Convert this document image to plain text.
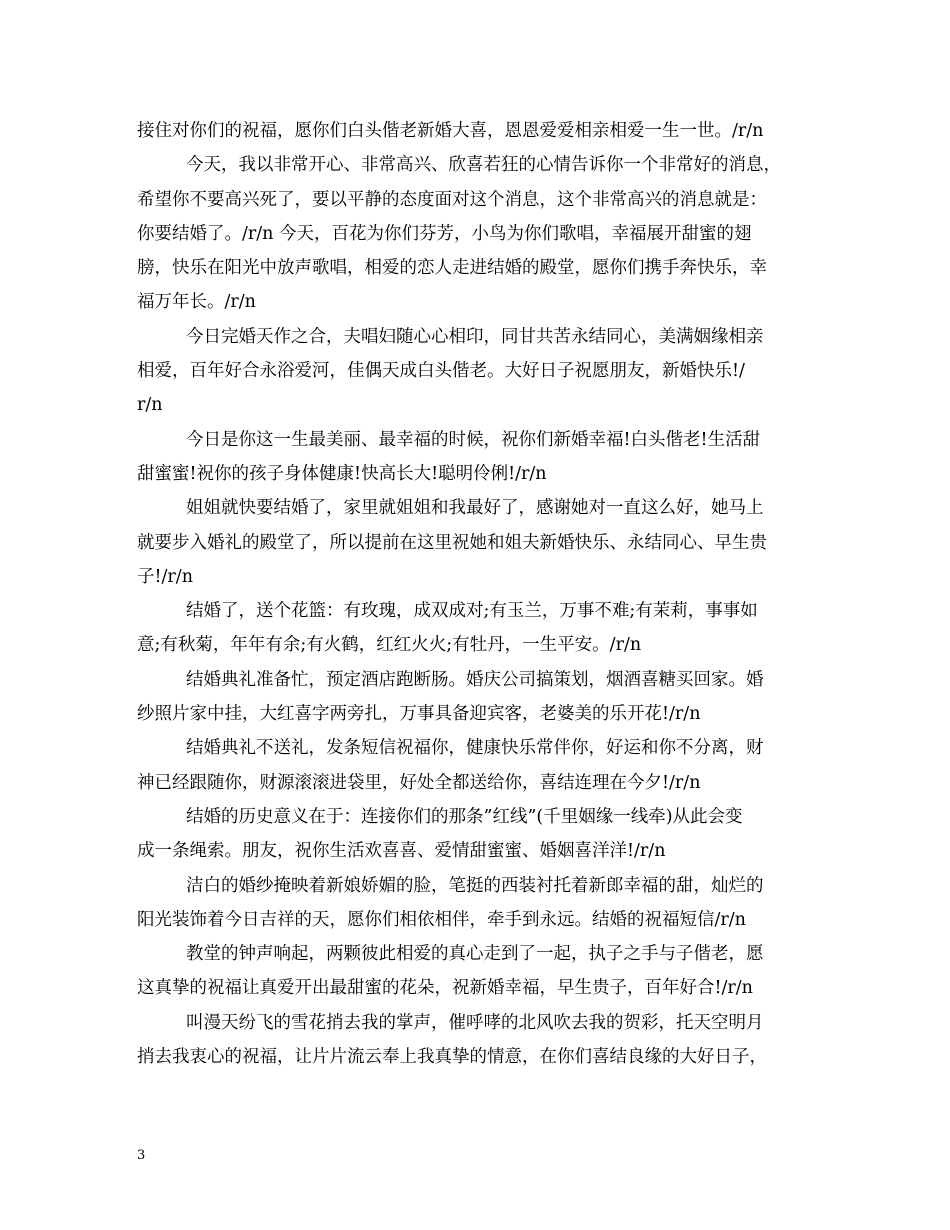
接住对你们的祝福，愿你们白头偕老新婚大喜，恩恩爱爱相亲相爱一生一世。/r/n
今天，我以非常开心、非常高兴、欣喜若狂的心情告诉你一个非常好的消息，
希望你不要高兴死了，要以平静的态度面对这个消息，这个非常高兴的消息就是：
你要结婚了。/r/n 今天，百花为你们芬芳，小鸟为你们歌唱，幸福展开甜蜜的翅
膀，快乐在阳光中放声歌唱，相爱的恋人走进结婚的殿堂，愿你们携手奔快乐，幸
福万年长。/r/n
今日完婚天作之合，夫唱妇随心心相印，同甘共苦永结同心，美满姻缘相亲
相爱，百年好合永浴爱河，佳偶天成白头偕老。大好日子祝愿朋友，新婚快乐!/
r/n
今日是你这一生最美丽、最幸福的时候，祝你们新婚幸福!白头偕老!生活甜
甜蜜蜜!祝你的孩子身体健康!快高长大!聪明伶俐!/r/n
姐姐就快要结婚了，家里就姐姐和我最好了，感谢她对一直这么好，她马上
就要步入婚礼的殿堂了，所以提前在这里祝她和姐夫新婚快乐、永结同心、早生贵
子!/r/n
结婚了，送个花篮：有玫瑰，成双成对;有玉兰，万事不难;有茉莉，事事如
意;有秋菊，年年有余;有火鹤，红红火火;有牡丹，一生平安。/r/n
结婚典礼准备忙，预定酒店跑断肠。婚庆公司搞策划，烟酒喜糖买回家。婚
纱照片家中挂，大红喜字两旁扎，万事具备迎宾客，老婆美的乐开花!/r/n
结婚典礼不送礼，发条短信祝福你，健康快乐常伴你，好运和你不分离，财
神已经跟随你，财源滚滚进袋里，好处全都送给你，喜结连理在今夕!/r/n
结婚的历史意义在于：连接你们的那条”红线”(千里姻缘一线牵)从此会变
成一条绳索。朋友，祝你生活欢喜喜、爱情甜蜜蜜、婚姻喜洋洋!/r/n
洁白的婚纱掩映着新娘娇媚的脸，笔挺的西装衬托着新郎幸福的甜，灿烂的
阳光装饰着今日吉祥的天，愿你们相依相伴，牵手到永远。结婚的祝福短信/r/n
教堂的钟声响起，两颗彼此相爱的真心走到了一起，执子之手与子偕老，愿
这真挚的祝福让真爱开出最甜蜜的花朵，祝新婚幸福，早生贵子，百年好合!/r/n
叫漫天纷飞的雪花捎去我的掌声，催呼哮的北风吹去我的贺彩，托天空明月
捎去我衷心的祝福，让片片流云奉上我真挚的情意，在你们喜结良缘的大好日子，
3
